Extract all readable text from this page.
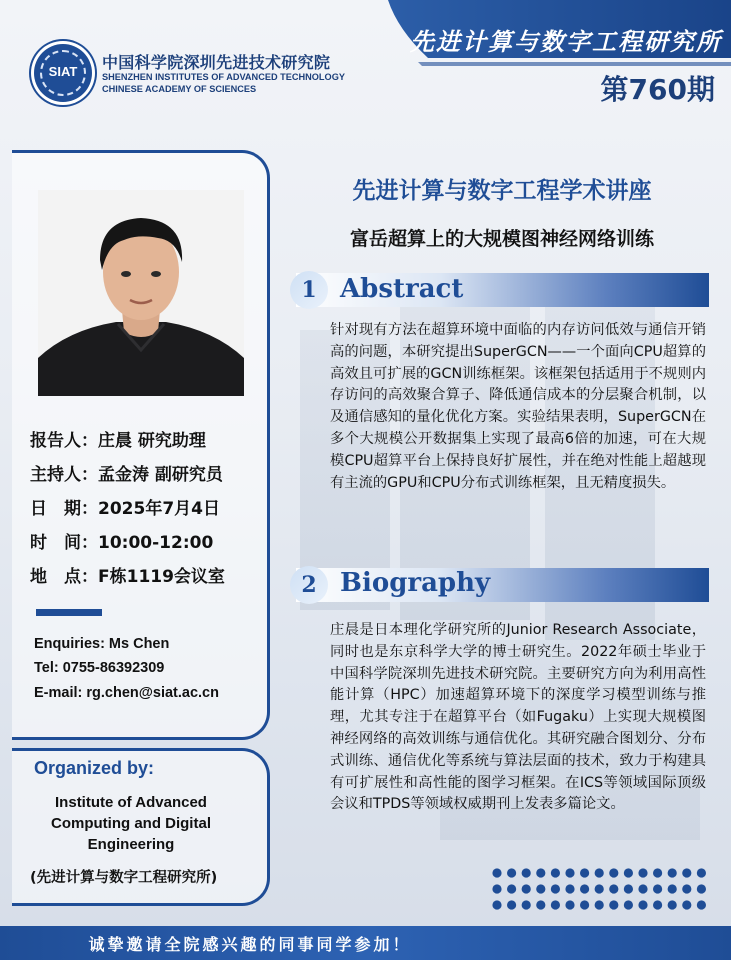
先进计算与数字工程研究所
第760期
SIAT	中国科学院深圳先进技术研究院
SHENZHEN INSTITUTES OF ADVANCED TECHNOLOGY
CHINESE ACADEMY OF SCIENCES
报告人：庄晨 研究助理
主持人：孟金涛 副研究员
日　期：2025年7月4日
时　间：10:00-12:00
地　点：F栋1119会议室
Enquiries: Ms Chen
Tel: 0755-86392309
E-mail: rg.chen@siat.ac.cn
Organized by:
Institute of Advanced Computing and Digital Engineering
(先进计算与数字工程研究所)
先进计算与数字工程学术讲座
富岳超算上的大规模图神经网络训练
1 Abstract
针对现有方法在超算环境中面临的内存访问低效与通信开销高的问题，本研究提出SuperGCN——一个面向CPU超算的高效且可扩展的GCN训练框架。该框架包括适用于不规则内存访问的高效聚合算子、降低通信成本的分层聚合机制，以及通信感知的量化优化方案。实验结果表明，SuperGCN在多个大规模公开数据集上实现了最高6倍的加速，可在大规模CPU超算平台上保持良好扩展性，并在绝对性能上超越现有主流的GPU和CPU分布式训练框架，且无精度损失。
2 Biography
庄晨是日本理化学研究所的Junior Research Associate，同时也是东京科学大学的博士研究生。2022年硕士毕业于中国科学院深圳先进技术研究院。主要研究方向为利用高性能计算（HPC）加速超算环境下的深度学习模型训练与推理，尤其专注于在超算平台（如Fugaku）上实现大规模图神经网络的高效训练与通信优化。其研究融合图划分、分布式训练、通信优化等系统与算法层面的技术，致力于构建具有可扩展性和高性能的图学习框架。在ICS等领域国际顶级会议和TPDS等领域权威期刊上发表多篇论文。
诚挚邀请全院感兴趣的同事同学参加！
